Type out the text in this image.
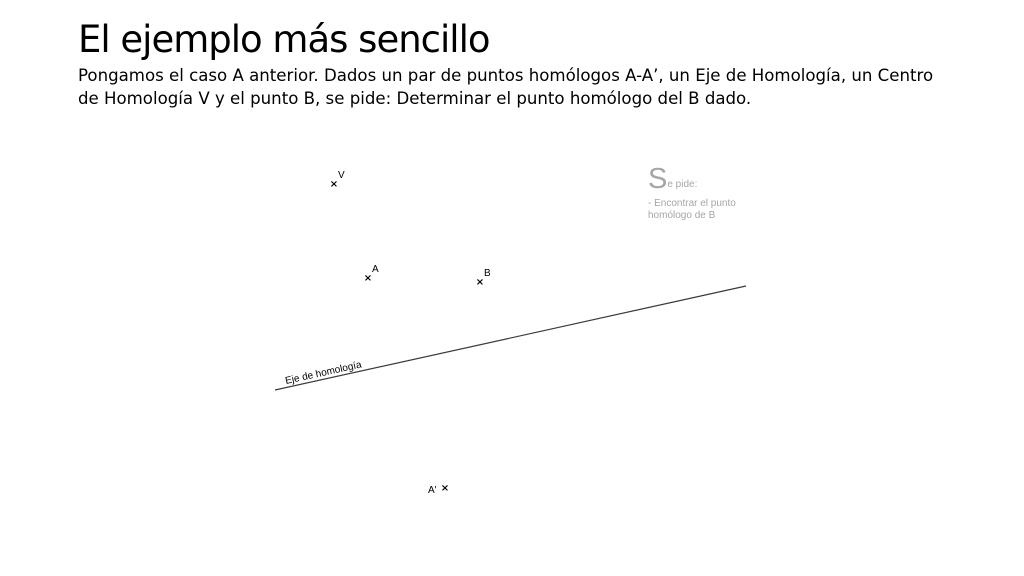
El ejemplo más sencillo

Pongamos el caso A anterior. Dados un par de puntos homólogos A-A’, un Eje de Homología, un Centro de Homología V y el punto B, se pide: Determinar el punto homólogo del B dado.

Eje de homología
×
V
×
A
×
B
A' ×
Se pide:
- Encontrar el punto
homólogo de B
